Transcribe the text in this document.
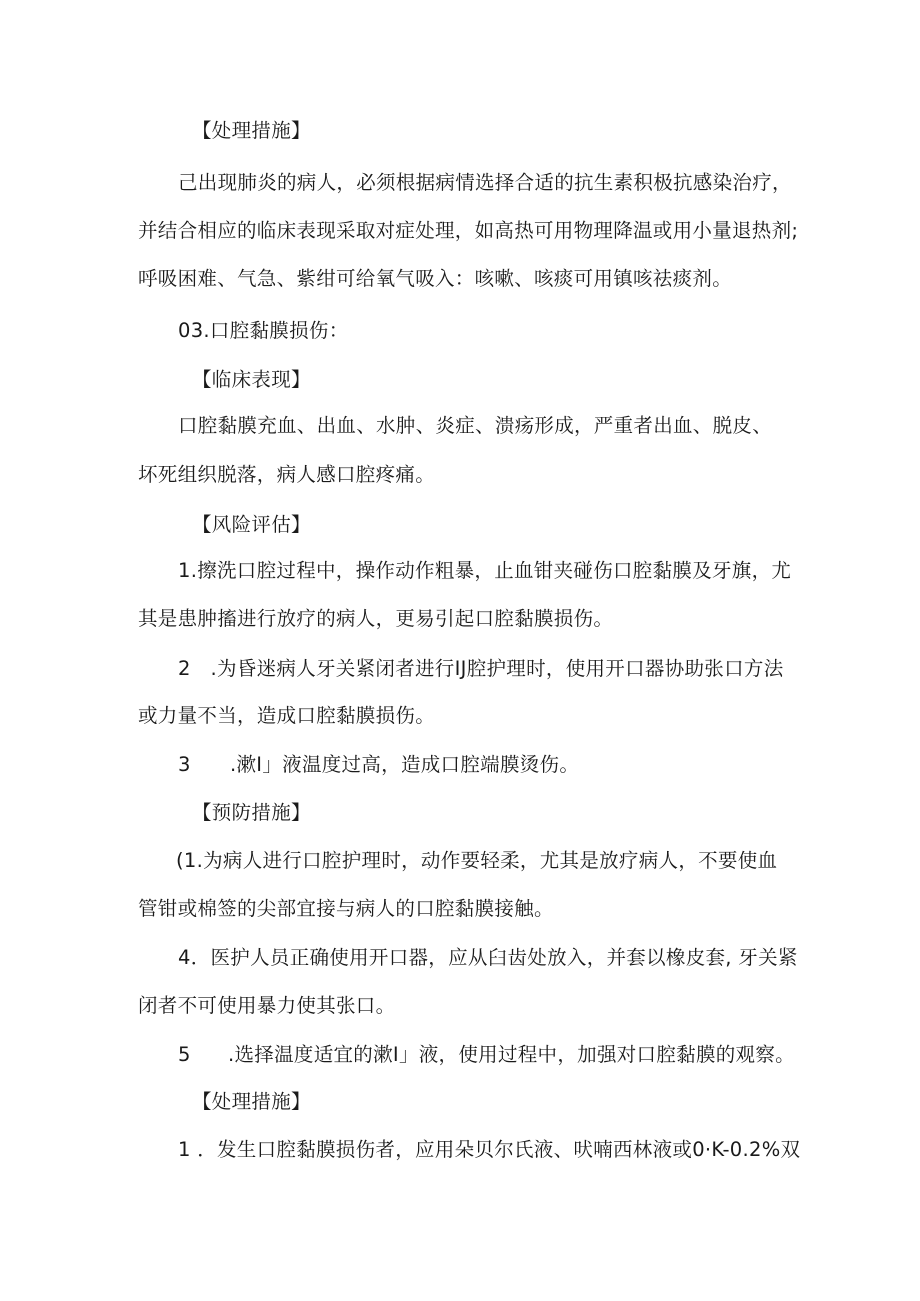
【处理措施】
己出现肺炎的病人，必须根据病情选择合适的抗生素积极抗感染治疗，
并结合相应的临床表现采取对症处理，如高热可用物理降温或用小量退热剂;
呼吸困难、气急、紫绀可给氧气吸入：咳嗽、咳痰可用镇咳祛痰剂。
03.口腔黏膜损伤：
【临床表现】
口腔黏膜充血、出血、水肿、炎症、溃疡形成，严重者出血、脱皮、
坏死组织脱落，病人感口腔疼痛。
【风险评估】
1.擦洗口腔过程中，操作动作粗暴，止血钳夹碰伤口腔黏膜及牙旗，尤
其是患肿搐进行放疗的病人，更易引起口腔黏膜损伤。
2　.为昏迷病人牙关紧闭者进行IJ腔护理时，使用开口器协助张口方法
或力量不当，造成口腔黏膜损伤。
3 .漱I」液温度过高，造成口腔端膜烫伤。
【预防措施】
(1.为病人进行口腔护理时，动作要轻柔，尤其是放疗病人，不要使血
管钳或棉签的尖部宜接与病人的口腔黏膜接触。
4．医护人员正确使用开口器，应从臼齿处放入，并套以橡皮套, 牙关紧
闭者不可使用暴力使其张口。
5 .选择温度适宜的漱I」液，使用过程中，加强对口腔黏膜的观察。
【处理措施】
1 ．发生口腔黏膜损伤者，应用朵贝尔氏液、吠喃西林液或0·K-0.2%双
